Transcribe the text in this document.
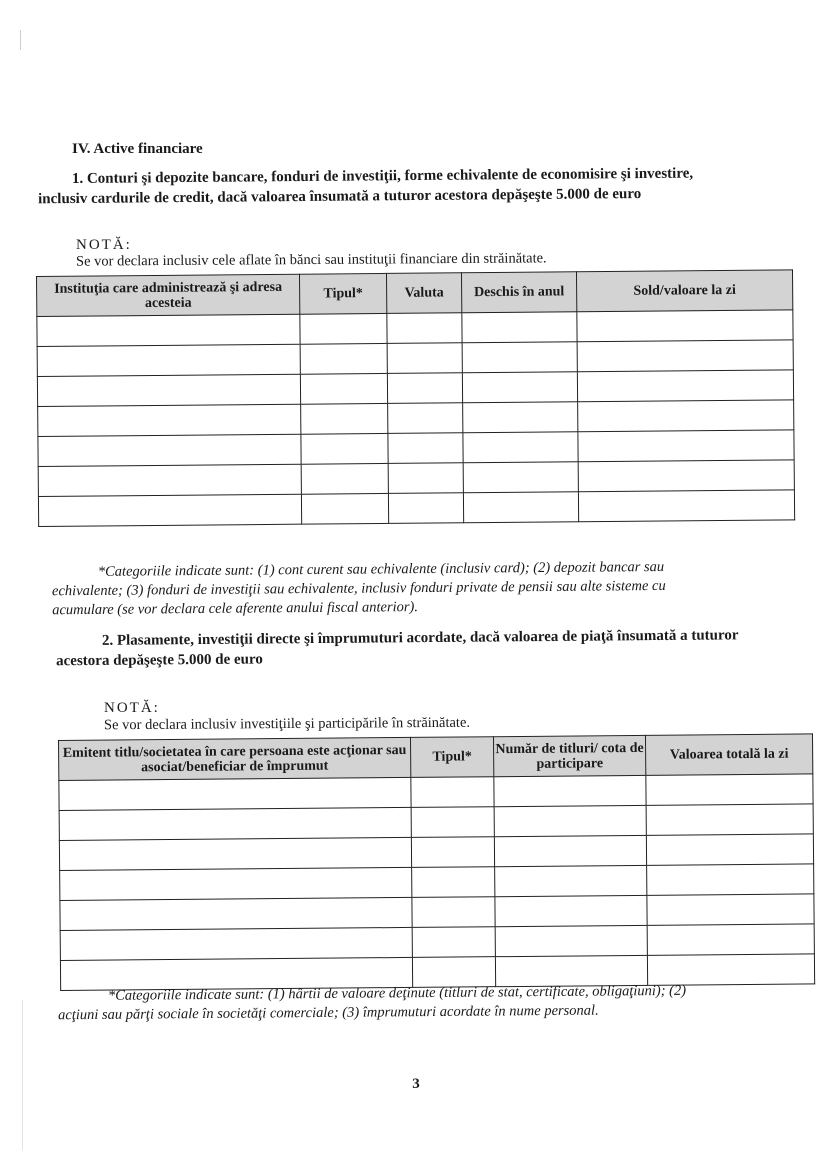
IV. Active financiare
1. Conturi şi depozite bancare, fonduri de investiţii, forme echivalente de economisire şi investire,
inclusiv cardurile de credit, dacă valoarea însumată a tuturor acestora depăşeşte 5.000 de euro
NOTĂ:
Se vor declara inclusiv cele aflate în bănci sau instituţii financiare din străinătate.
Instituţia care administrează şi adresa acesteia	Tipul*	Valuta	Deschis în anul	Sold/valoare la zi

*Categoriile indicate sunt: (1) cont curent sau echivalente (inclusiv card); (2) depozit bancar sau
echivalente; (3) fonduri de investiţii sau echivalente, inclusiv fonduri private de pensii sau alte sisteme cu
acumulare (se vor declara cele aferente anului fiscal anterior).
2. Plasamente, investiţii directe şi împrumuturi acordate, dacă valoarea de piaţă însumată a tuturor
acestora depăşeşte 5.000 de euro
NOTĂ:
Se vor declara inclusiv investiţiile şi participările în străinătate.
Emitent titlu/societatea în care persoana este acţionar sau asociat/beneficiar de împrumut	Tipul*	Număr de titluri/ cota de participare	Valoarea totală la zi

*Categoriile indicate sunt: (1) hârtii de valoare deţinute (titluri de stat, certificate, obligaţiuni); (2)
acţiuni sau părţi sociale în societăţi comerciale; (3) împrumuturi acordate în nume personal.
3
